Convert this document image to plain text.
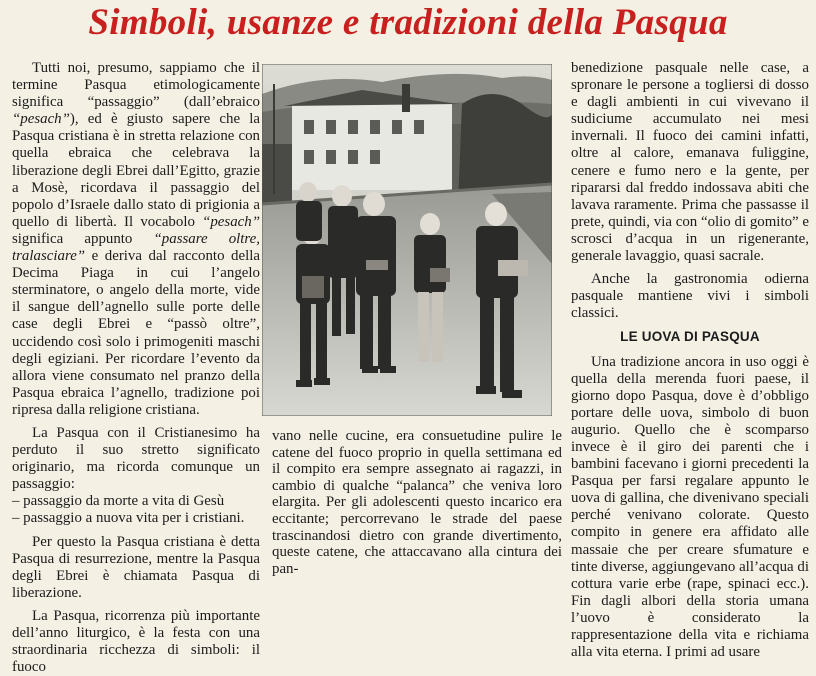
Simboli, usanze e tradizioni della Pasqua

Tutti noi, presumo, sappiamo che il termine Pasqua etimologicamente significa “passaggio” (dall’ebraico “pesach”), ed è giusto sapere che la Pasqua cristiana è in stretta relazione con quella ebraica che celebrava la liberazione degli Ebrei dall’Egitto, grazie a Mosè, ricordava il passaggio del popolo d’Israele dallo stato di prigionia a quello di libertà. Il vocabolo “pesach” significa appunto “passare oltre, tralasciare” e deriva dal racconto della Decima Piaga in cui l’angelo sterminatore, o angelo della morte, vide il sangue dell’agnello sulle porte delle case degli Ebrei e “passò oltre”, uccidendo così solo i primogeniti maschi degli egiziani. Per ricordare l’evento da allora viene consumato nel pranzo della Pasqua ebraica l’agnello, tradizione poi ripresa dalla religione cristiana.

La Pasqua con il Cristianesimo ha perduto il suo stretto significato originario, ma ricorda comunque un passaggio:

– passaggio da morte a vita di Gesù
– passaggio a nuova vita per i cristiani.

Per questo la Pasqua cristiana è detta Pasqua di resurrezione, mentre la Pasqua degli Ebrei è chiamata Pasqua di liberazione.

La Pasqua, ricorrenza più importante dell’anno liturgico, è la festa con una straordinaria ricchezza di simboli: il fuoco

vano nelle cucine, era consuetudine pulire le catene del fuoco proprio in quella settimana ed il compito era sempre assegnato ai ragazzi, in cambio di qualche “palanca” che veniva loro elargita. Per gli adolescenti questo incarico era eccitante; percorrevano le strade del paese trascinandosi dietro con grande divertimento, queste catene, che attaccavano alla cintura dei pan-

benedizione pasquale nelle case, a spronare le persone a togliersi di dosso e dagli ambienti in cui vivevano il sudiciume accumulato nei mesi invernali. Il fuoco dei camini infatti, oltre al calore, emanava fuliggine, cenere e fumo nero e la gente, per ripararsi dal freddo indossava abiti che lavava raramente. Prima che passasse il prete, quindi, via con “olio di gomito” e scrosci d’acqua in un rigenerante, generale lavaggio, quasi sacrale.

Anche la gastronomia odierna pasquale mantiene vivi i simboli classici.

LE UOVA DI PASQUA

Una tradizione ancora in uso oggi è quella della merenda fuori paese, il giorno dopo Pasqua, dove è d’obbligo portare delle uova, simbolo di buon augurio. Quello che è scomparso invece è il giro dei parenti che i bambini facevano i giorni precedenti la Pasqua per farsi regalare appunto le uova di gallina, che divenivano speciali perché venivano colorate. Questo compito in genere era affidato alle massaie che per creare sfumature e tinte diverse, aggiungevano all’acqua di cottura varie erbe (rape, spinaci ecc.). Fin dagli albori della storia umana l’uovo è considerato la rappresentazione della vita e richiama alla vita eterna. I primi ad usare
